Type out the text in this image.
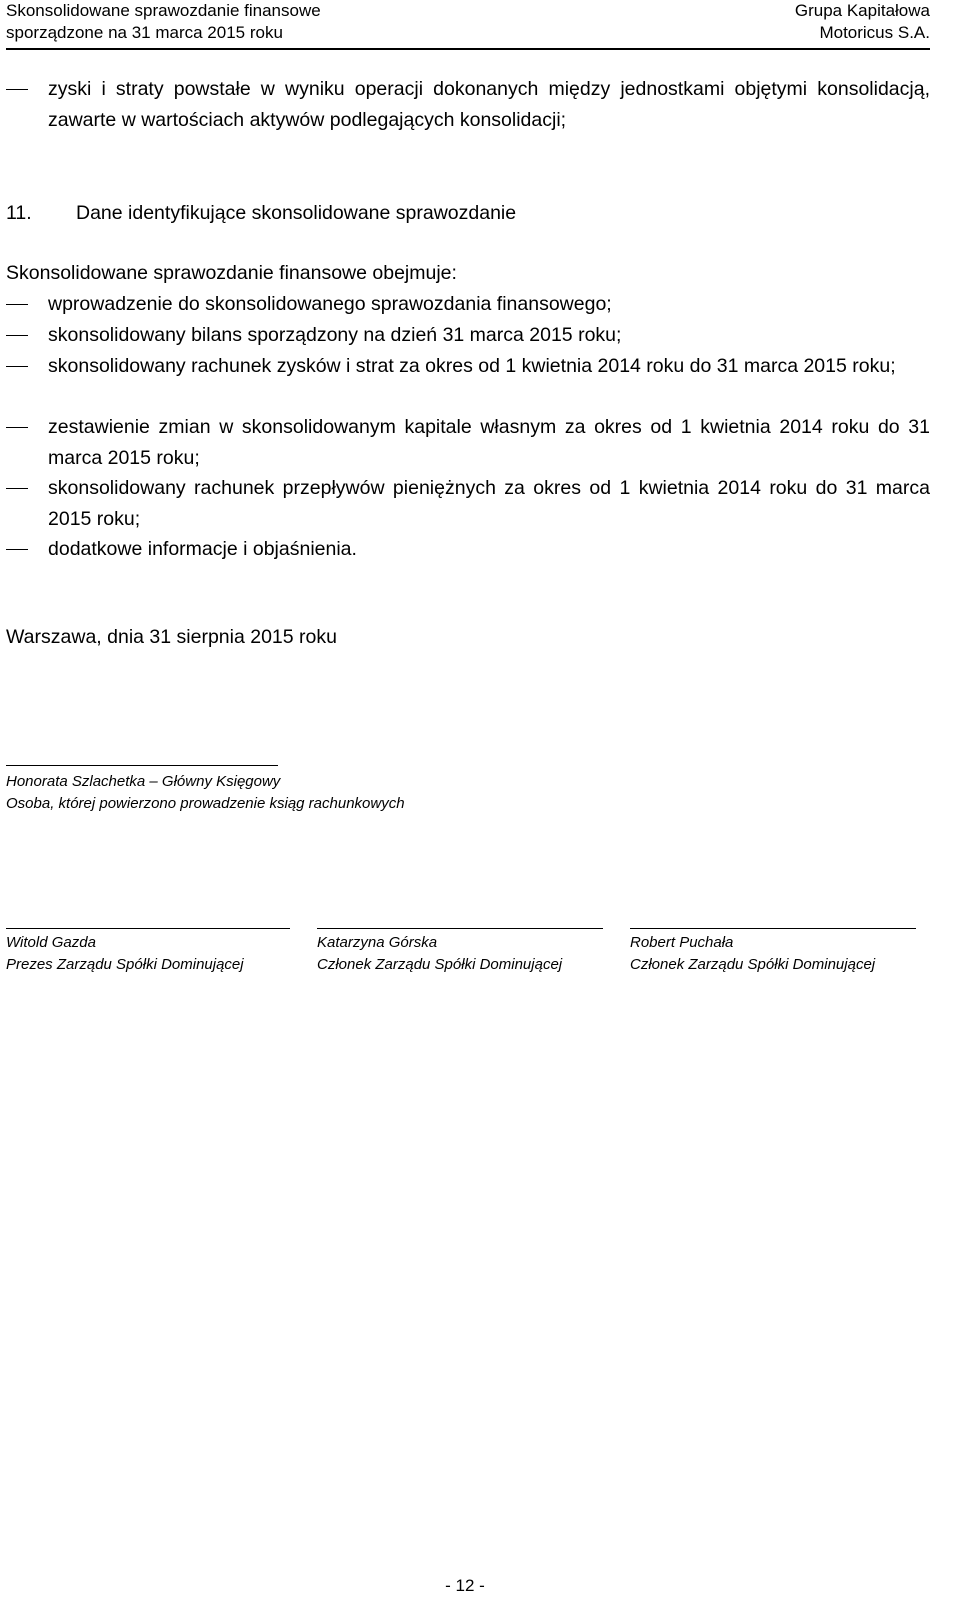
Skonsolidowane sprawozdanie finansowe
sporządzone na 31 marca 2015 roku
Grupa Kapitałowa
Motoricus S.A.
zyski i straty powstałe w wyniku operacji dokonanych między jednostkami objętymi konsolidacją, zawarte w wartościach aktywów podlegających konsolidacji;
11. Dane identyfikujące skonsolidowane sprawozdanie
Skonsolidowane sprawozdanie finansowe obejmuje:
wprowadzenie do skonsolidowanego sprawozdania finansowego;
skonsolidowany bilans sporządzony na dzień 31 marca 2015 roku;
skonsolidowany rachunek zysków i strat za okres od 1 kwietnia 2014 roku do 31 marca 2015 roku;
zestawienie zmian w skonsolidowanym kapitale własnym za okres od 1 kwietnia 2014 roku do 31 marca 2015 roku;
skonsolidowany rachunek przepływów pieniężnych za okres od 1 kwietnia 2014 roku do 31 marca 2015 roku;
dodatkowe informacje i objaśnienia.
Warszawa, dnia 31 sierpnia 2015 roku
Honorata Szlachetka – Główny Księgowy
Osoba, której powierzono prowadzenie ksiąg rachunkowych
Witold Gazda
Prezes Zarządu Spółki Dominującej
Katarzyna Górska
Członek Zarządu Spółki Dominującej
Robert Puchała
Członek Zarządu Spółki Dominującej
- 12 -
